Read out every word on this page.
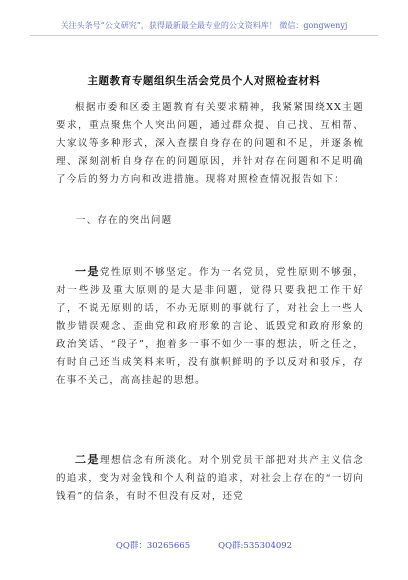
关注头条号“公文研究”，获得最新最全最专业的公文资料库！ 微信：gongwenyj
主题教育专题组织生活会党员个人对照检查材料

根据市委和区委主题教育有关要求精神，我紧紧围绕XX主题要求，重点聚焦个人突出问题，通过群众提、自己找、互相帮、大家议等多种形式，深入查摆自身存在的问题和不足，并逐条梳理、深刻剖析自身存在的问题原因，并针对存在问题和不足明确了今后的努力方向和改进措施。现将对照检查情况报告如下：

一、存在的突出问题

一是党性原则不够坚定。作为一名党员，党性原则不够强，对一些涉及重大原则的是大是非问题，觉得只要我把工作干好了，不说无原则的话，不办无原则的事就行了，对社会上一些人散步错误观念、歪曲党和政府形象的言论、诋毁党和政府形象的政治笑话、“段子”，抱着多一事不如少一事的想法，听之任之，有时自己还当成笑料来听，没有旗帜鲜明的予以反对和驳斥，存在事不关己，高高挂起的思想。

二是理想信念有所淡化。对个别党员干部把对共产主义信念的追求，变为对金钱和个人利益的追求，对社会上存在的“一切向钱看”的信条，有时不但没有反对，还党

QQ群：30265665	QQ群:535304092
